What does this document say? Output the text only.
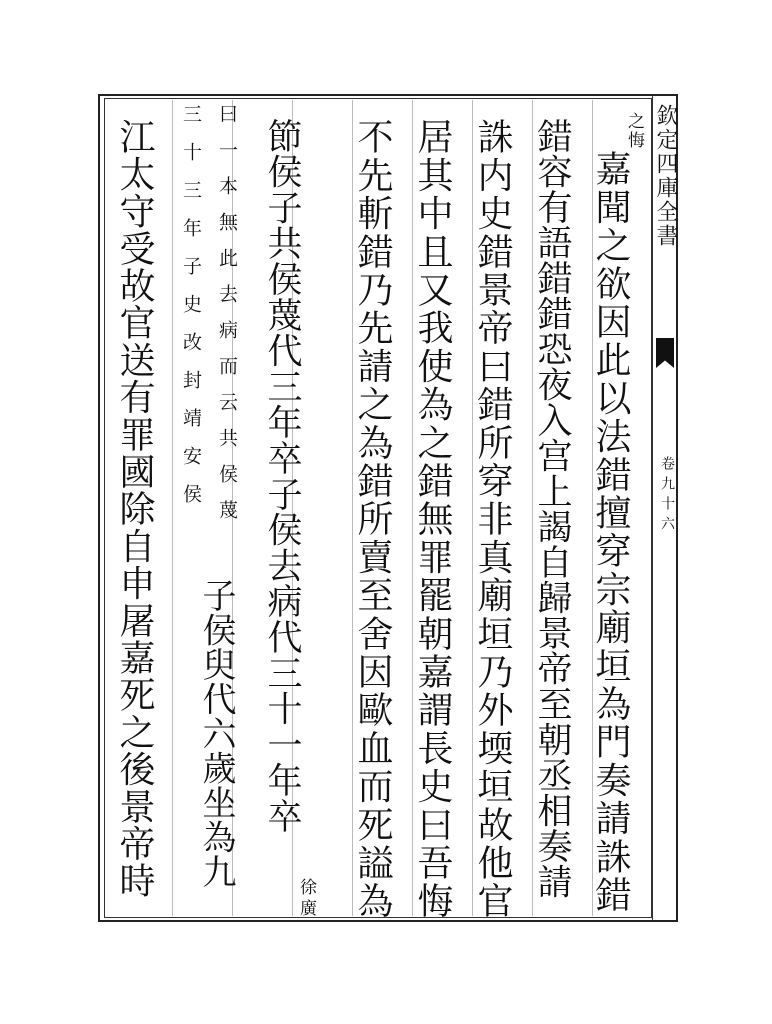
欽定四庫全書
卷九十六
之悔
嘉聞之欲因此以法錯擅穿宗廟垣為門奏請誅錯
錯容有語錯錯恐夜入宫上謁自歸景帝至朝丞相奏請
誅内史錯景帝曰錯所穿非真廟垣乃外堧垣故他官
居其中且又我使為之錯無罪罷朝嘉謂長史曰吾悔
不先斬錯乃先請之為錯所賣至舍因歐血而死謚為
節侯子共侯蔑代三年卒子侯去病代三十一年卒
徐廣
曰一本無此去病而云共侯蔑
三十三年子史改封靖安侯
子侯臾代六歲坐為九
江太守受故官送有罪國除自申屠嘉死之後景帝時
